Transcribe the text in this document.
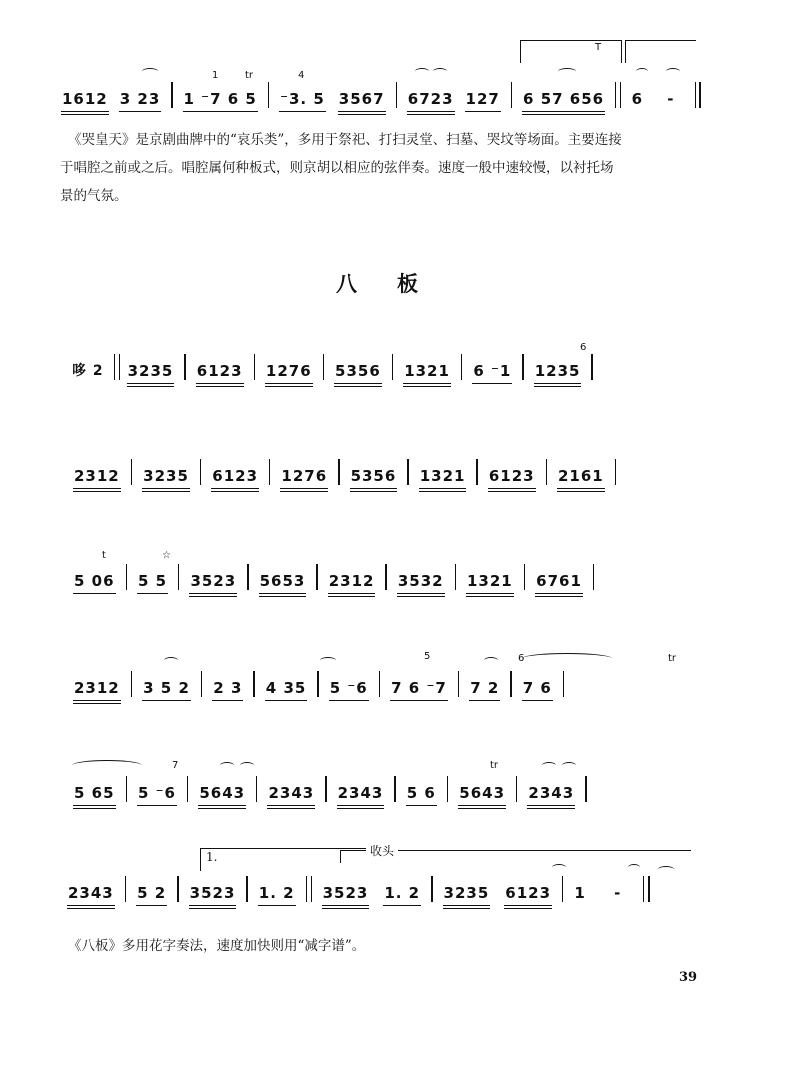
T
1	tr	4
1612 3 23 1 ⁻7 6 5 ⁻3. 5 3567 6723 127 6 57 656 6 -
《哭皇天》是京剧曲牌中的“哀乐类”，多用于祭祀、打扫灵堂、扫墓、哭坟等场面。主要连接
于唱腔之前或之后。唱腔属何种板式，则京胡以相应的弦伴奏。速度一般中速较慢，以衬托场
景的气氛。
八板
6
哆 2 3235 6123 1276 5356 1321 6 ⁻1 1235
2312 3235 6123 1276 5356 1321 6123 2161
t	☆
5 06 5 5 3523 5653 2312 3532 1321 6761
5	6	tr
2312 3 5 2 2 3 4 35 5 ⁻6 7 6 ⁻7 7 2 7 6
7	tr
5 65 5 ⁻6 5643 2343 2343 5 6 5643 2343
1.	收头
2343 5 2 3523 1. 2 3523 1. 2 3235 6123 1 -
《八板》多用花字奏法，速度加快则用“减字谱”。
39
